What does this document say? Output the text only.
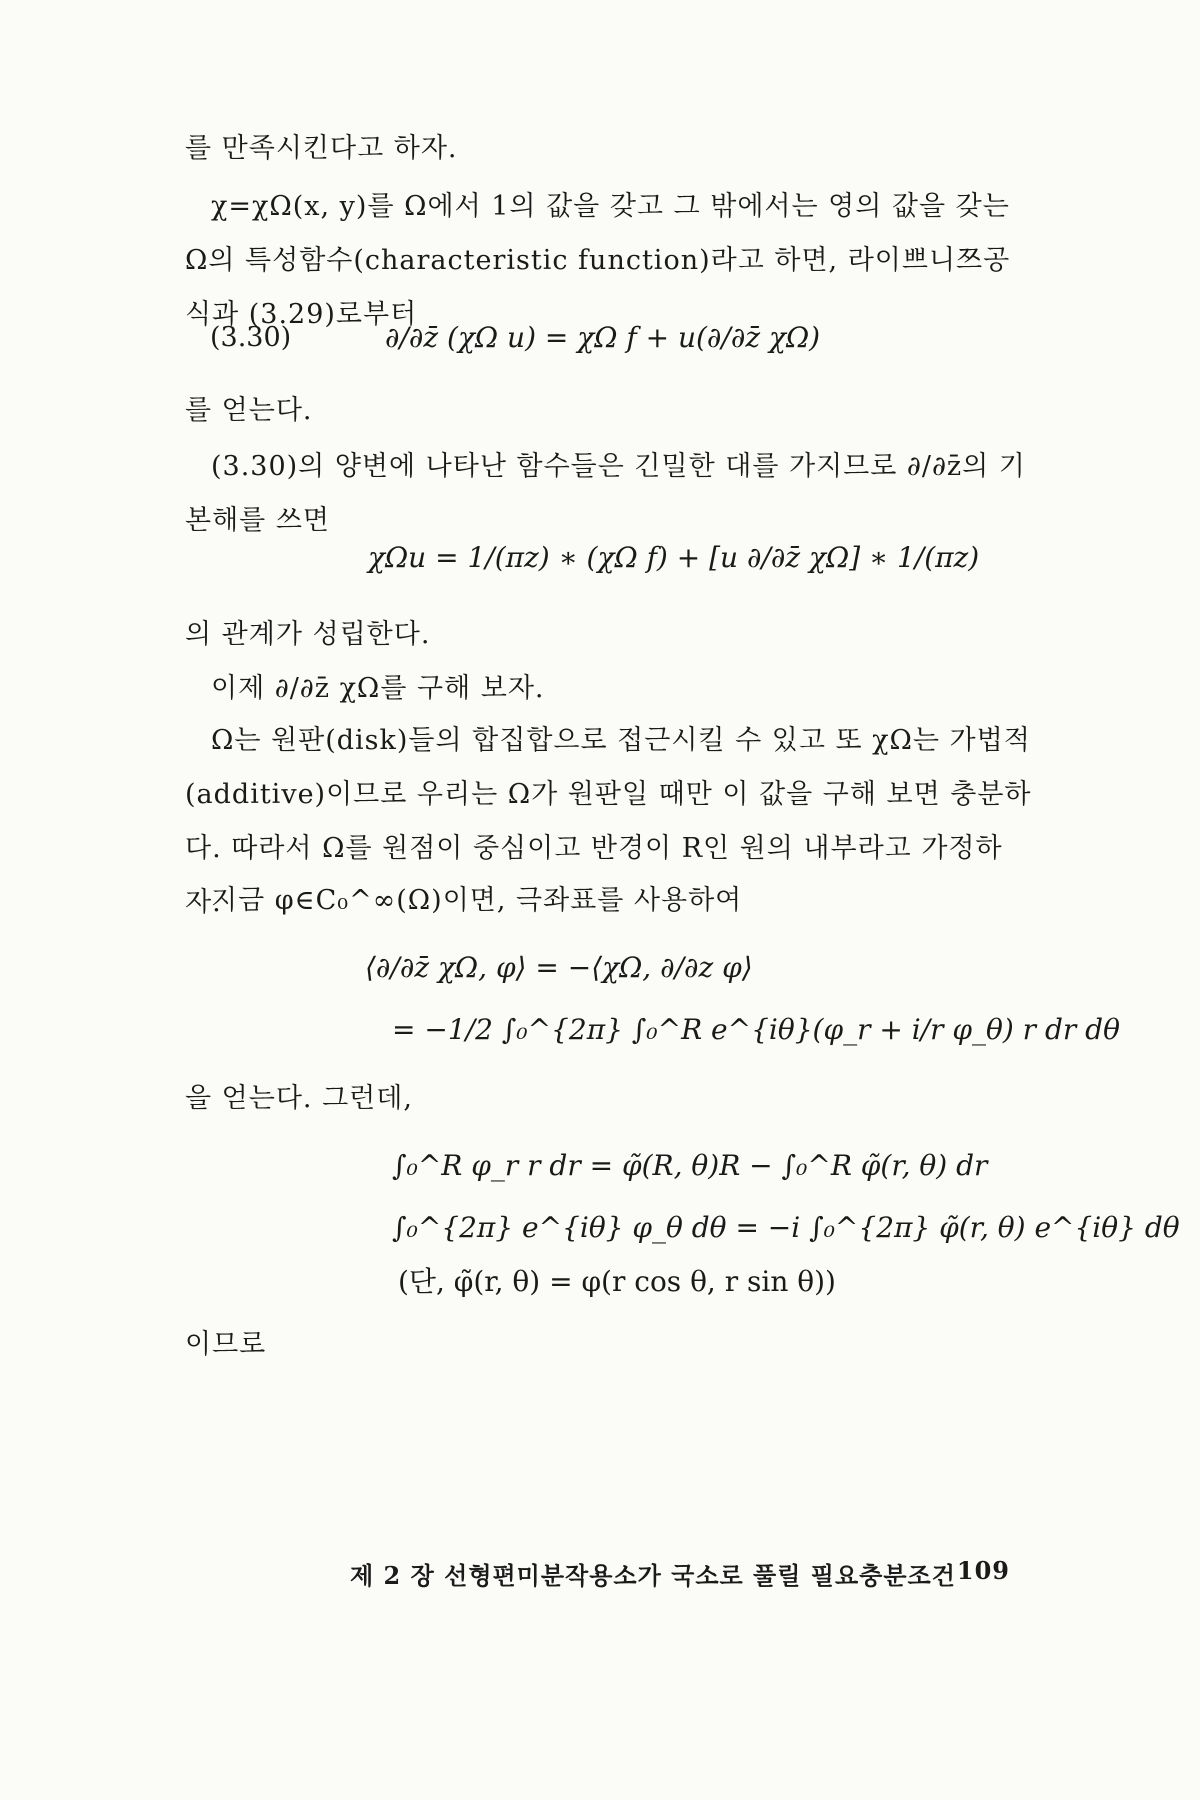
를 만족시킨다고 하자.

χ=χΩ(x, y)를 Ω에서 1의 값을 갖고 그 밖에서는 영의 값을 갖는 Ω의 특성함수(characteristic function)라고 하면, 라이쁘니쯔공식과 (3.29)로부터

(3.30)	∂/∂z̄ (χΩ u) = χΩ f + u(∂/∂z̄ χΩ)

를 얻는다.

(3.30)의 양변에 나타난 함수들은 긴밀한 대를 가지므로 ∂/∂z̄의 기본해를 쓰면

χΩu = 1/(πz) ∗ (χΩ f) + [u ∂/∂z̄ χΩ] ∗ 1/(πz)

의 관계가 성립한다.

이제 ∂/∂z̄ χΩ를 구해 보자.

Ω는 원판(disk)들의 합집합으로 접근시킬 수 있고 또 χΩ는 가법적(additive)이므로 우리는 Ω가 원판일 때만 이 값을 구해 보면 충분하다. 따라서 Ω를 원점이 중심이고 반경이 R인 원의 내부라고 가정하자.

지금 φ∈C₀^∞(Ω)이면, 극좌표를 사용하여

⟨∂/∂z̄ χΩ, φ⟩ = −⟨χΩ, ∂/∂z φ⟩
= −1/2 ∫₀^{2π} ∫₀^R e^{iθ}(φ_r + i/r φ_θ) r dr dθ

을 얻는다. 그런데,

∫₀^R φ_r r dr = φ̃(R, θ)R − ∫₀^R φ̃(r, θ) dr
∫₀^{2π} e^{iθ} φ_θ dθ = −i ∫₀^{2π} φ̃(r, θ) e^{iθ} dθ
(단, φ̃(r, θ) = φ(r cos θ, r sin θ))

이므로

제 2 장 선형편미분작용소가 국소로 풀릴 필요충분조건 109
